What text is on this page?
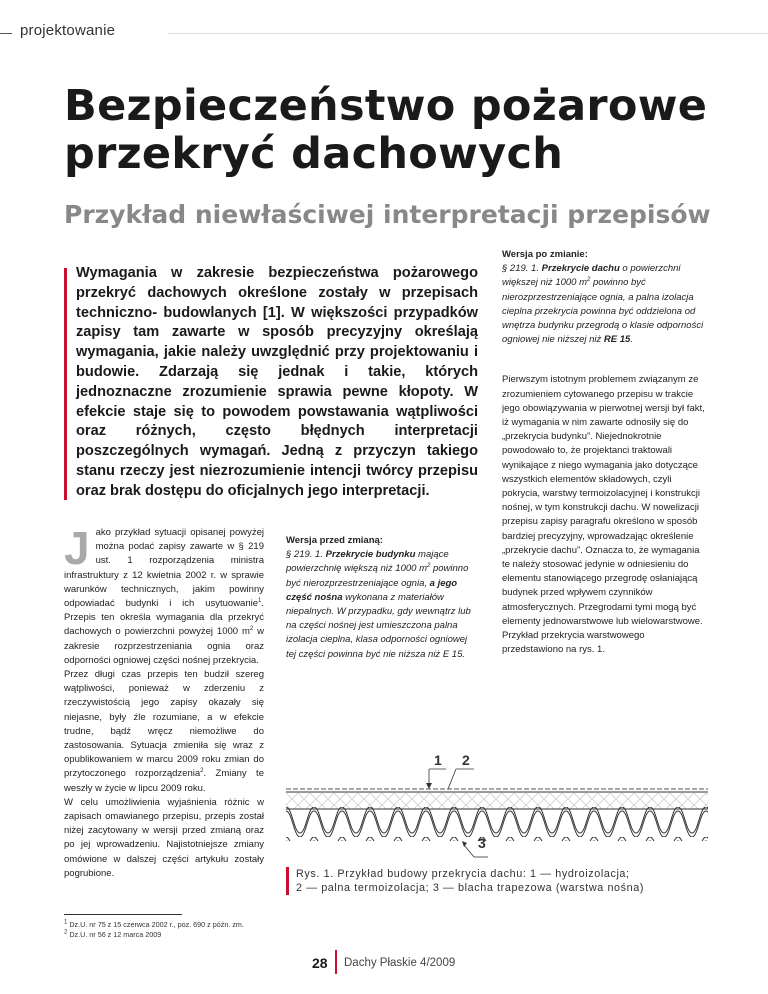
projektowanie
Bezpieczeństwo pożarowe
przekryć dachowych
Przykład niewłaściwej interpretacji przepisów

Wymagania w zakresie bezpieczeństwa pożarowego przekryć dachowych określone zostały w przepisach techniczno- budowlanych [1]. W większości przypadków zapisy tam zawarte w sposób precyzyjny określają wymagania, jakie należy uwzględnić przy projektowaniu i budowie. Zdarzają się jednak i takie, których jednoznaczne zrozumienie sprawia pewne kłopoty. W efekcie staje się to powodem powstawania wątpliwości oraz różnych, często błędnych interpretacji poszczególnych wymagań. Jedną z przyczyn takiego stanu rzeczy jest niezrozumienie intencji twórcy przepisu oraz brak dostępu do oficjalnych jego interpretacji.

J ako przykład sytuacji opisanej powyżej można podać zapisy zawarte w § 219 ust. 1 rozporządzenia ministra infrastruktury z 12 kwietnia 2002 r. w sprawie warunków technicznych, jakim powinny odpowiadać budynki i ich usytuowanie$^1$. Przepis ten określa wymagania dla przekryć dachowych o powierzchni powyżej 1000 $m^2$ w zakresie rozprzestrzeniania ognia oraz odporności ogniowej części nośnej przekrycia.

Przez długi czas przepis ten budził szereg wątpliwości, ponieważ w zderzeniu z rzeczywistością jego zapisy okazały się niejasne, były źle rozumiane, a w efekcie trudne, bądź wręcz niemożliwe do zastosowania. Sytuacja zmieniła się wraz z opublikowaniem w marcu 2009 roku zmian do przytoczonego rozporządzenia$^2$. Zmiany te weszły w życie w lipcu 2009 roku.

W celu umożliwienia wyjaśnienia różnic w zapisach omawianego przepisu, przepis został niżej zacytowany w wersji przed zmianą oraz po jej wprowadzeniu. Najistotniejsze zmiany omówione w dalszej części artykułu zostały pogrubione.

Wersja przed zmianą:

§ 219. 1. Przekrycie budynku mające powierzchnię większą niż 1000 $m^2$ powinno być nierozprzestrzeniające ognia, a jego część nośna wykonana z materiałów niepalnych. W przypadku, gdy wewnątrz lub na części nośnej jest umieszczona palna izolacja cieplna, klasa odporności ogniowej tej części powinna być nie niższa niż E 15.

Wersja po zmianie:

§ 219. 1. Przekrycie dachu o powierzchni większej niż 1000 $m^2$ powinno być nierozprzestrzeniające ognia, a palna izolacja cieplna przekrycia powinna być oddzielona od wnętrza budynku przegrodą o klasie odporności ogniowej nie niższej niż RE 15.

Pierwszym istotnym problemem związanym ze zrozumieniem cytowanego przepisu w trakcie jego obowiązywania w pierwotnej wersji był fakt, iż wymagania w nim zawarte odnosiły się do „przekrycia budynku”. Niejednokrotnie powodowało to, że projektanci traktowali wynikające z niego wymagania jako dotyczące wszystkich elementów składowych, czyli pokrycia, warstwy termoizolacyjnej i konstrukcji nośnej, w tym konstrukcji dachu. W nowelizacji przepisu zapisy paragrafu określono w sposób bardziej precyzyjny, wprowadzając określenie „przekrycie dachu”. Oznacza to, że wymagania te należy stosować jedynie w odniesieniu do elementu stanowiącego przegrodę osłaniającą budynek przed wpływem czynników atmosferycznych. Przegrodami tymi mogą być elementy jednowarstwowe lub wielowarstwowe. Przykład przekrycia warstwowego przedstawiono na rys. 1.

1 2
3

Rys. 1. Przykład budowy przekrycia dachu: 1 — hydroizolacja;
2 — palna termoizolacja; 3 — blacha trapezowa (warstwa nośna)

$^1$ Dz.U. nr 75 z 15 czerwca 2002 r., poz. 690 z późn. zm.

$^2$ Dz.U. nr 56 z 12 marca 2009

28 Dachy Płaskie 4/2009
